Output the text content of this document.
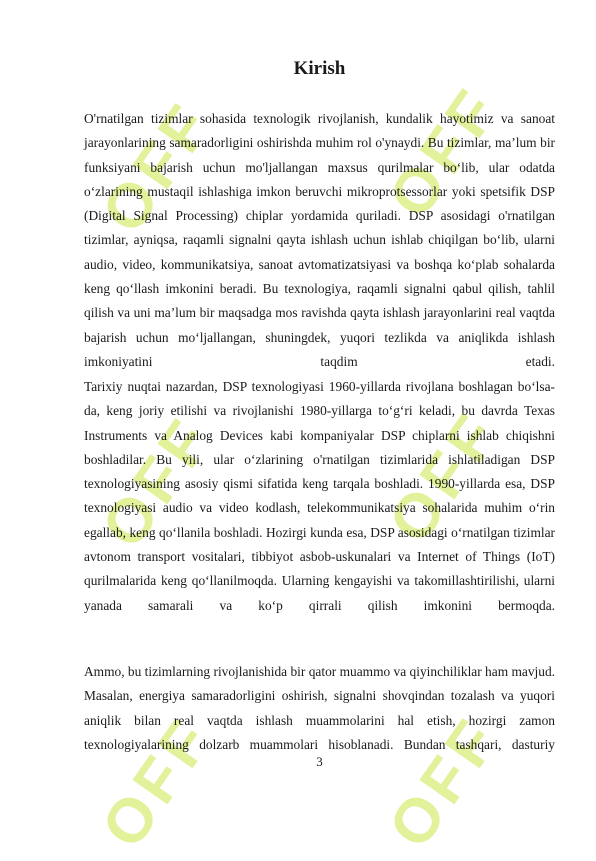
OFF OFF
OFF OFF
OFF OFF
Kirish

O'rnatilgan tizimlar sohasida texnologik rivojlanish, kundalik hayotimiz va sanoat jarayonlarining samaradorligini oshirishda muhim rol o'ynaydi. Bu tizimlar, ma’lum bir funksiyani bajarish uchun mo'ljallangan maxsus qurilmalar bo‘lib, ular odatda o‘zlarining mustaqil ishlashiga imkon beruvchi mikroprotsessorlar yoki spetsifik DSP (Digital Signal Processing) chiplar yordamida quriladi. DSP asosidagi o'rnatilgan tizimlar, ayniqsa, raqamli signalni qayta ishlash uchun ishlab chiqilgan bo‘lib, ularni audio, video, kommunikatsiya, sanoat avtomatizatsiyasi va boshqa ko‘plab sohalarda keng qo‘llash imkonini beradi. Bu texnologiya, raqamli signalni qabul qilish, tahlil qilish va uni ma’lum bir maqsadga mos ravishda qayta ishlash jarayonlarini real vaqtda bajarish uchun mo‘ljallangan, shuningdek, yuqori tezlikda va aniqlikda ishlash imkoniyatini taqdim etadi.

Tarixiy nuqtai nazardan, DSP texnologiyasi 1960-yillarda rivojlana boshlagan bo‘lsa-da, keng joriy etilishi va rivojlanishi 1980-yillarga to‘g‘ri keladi, bu davrda Texas Instruments va Analog Devices kabi kompaniyalar DSP chiplarni ishlab chiqishni boshladilar. Bu yili, ular o‘zlarining o'rnatilgan tizimlarida ishlatiladigan DSP texnologiyasining asosiy qismi sifatida keng tarqala boshladi. 1990-yillarda esa, DSP texnologiyasi audio va video kodlash, telekommunikatsiya sohalarida muhim o‘rin egallab, keng qo‘llanila boshladi. Hozirgi kunda esa, DSP asosidagi o‘rnatilgan tizimlar avtonom transport vositalari, tibbiyot asbob-uskunalari va Internet of Things (IoT) qurilmalarida keng qo‘llanilmoqda. Ularning kengayishi va takomillashtirilishi, ularni yanada samarali va ko‘p qirrali qilish imkonini bermoqda.

Ammo, bu tizimlarning rivojlanishida bir qator muammo va qiyinchiliklar ham mavjud. Masalan, energiya samaradorligini oshirish, signalni shovqindan tozalash va yuqori aniqlik bilan real vaqtda ishlash muammolarini hal etish, hozirgi zamon texnologiyalarining dolzarb muammolari hisoblanadi. Bundan tashqari, dasturiy

3
